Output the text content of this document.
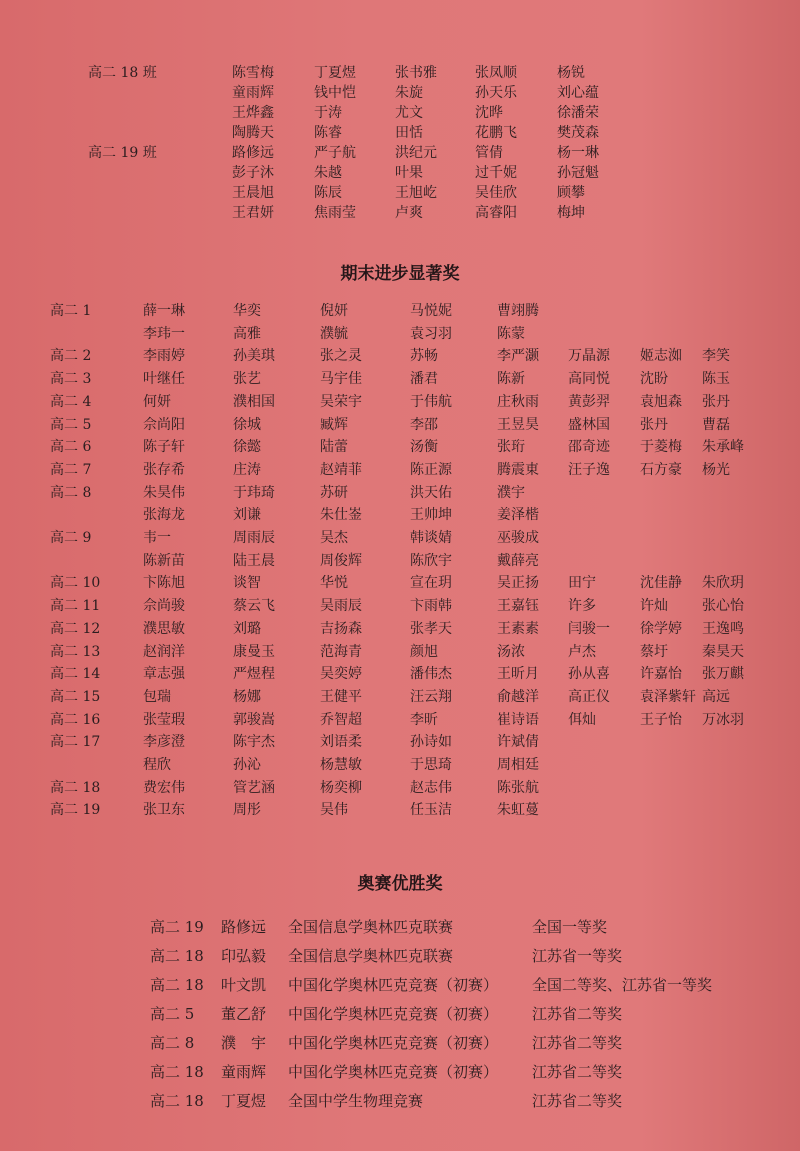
高二 18 班	陈雪梅	丁夏煜	张书雅	张凤顺	杨锐
童雨辉	钱中恺	朱旋	孙天乐	刘心蕴
王烨鑫	于涛	尤文	沈晔	徐潘荣
陶腾天	陈睿	田恬	花鹏飞	樊茂森
高二 19 班	路修远	严子航	洪纪元	管倩	杨一琳
彭子沐	朱越	叶果	过千妮	孙冠魁
王晨旭	陈辰	王旭屹	吴佳欣	顾攀
王君妍	焦雨莹	卢爽	高睿阳	梅坤
期末进步显著奖
高二 1	薛一琳	华奕	倪妍	马悦妮	曹翊腾
李玮一	高雅	濮毓	袁习羽	陈蒙
高二 2	李雨婷	孙美琪	张之灵	苏畅	李严灏 万晶源 姬志洳 李笑
高二 3	叶继任	张艺	马宇佳	潘君	陈新	高同悦 沈盼 陈玉
高二 4	何妍	濮相国	吴荣宇	于伟航	庄秋雨 黄彭羿 袁旭森 张丹
高二 5	佘尚阳	徐城	臧辉	李邵	王昱昊 盛林国 张丹 曹磊
高二 6	陈子轩	徐懿	陆蕾	汤衡	张珩	邵奇迹 于菱梅 朱承峰
高二 7	张存希	庄涛	赵靖菲	陈正源	腾震東 汪子逸 石方豪 杨光
高二 8	朱昊伟	于玮琦	苏研	洪天佑	濮宇
张海龙	刘谦	朱仕崟	王帅坤	姜泽楷
高二 9	韦一	周雨辰	吴杰	韩谈婧	巫骏成
陈新苗	陆王晨	周俊辉	陈欣宇	戴薛亮
高二 10	卞陈旭	谈智	华悦	宣在玥	吴正扬 田宁	沈佳静 朱欣玥
高二 11	佘尚骏	蔡云飞	吴雨辰	卞雨韩	王嘉钰 许多	许灿 张心怡
高二 12	濮思敏	刘璐	吉扬森	张孝天	王素素 闫骏一 徐学婷 王逸鸣
高二 13	赵润洋	康曼玉	范海青	颜旭	汤浓	卢杰	蔡圩 秦昊天
高二 14	章志强	严煜程	吴奕婷	潘伟杰	王昕月 孙从喜 许嘉怡 张万麒
高二 15	包瑞	杨娜	王健平	汪云翔	俞越洋 高正仪 袁泽紫轩 高远
高二 16	张莹瑕	郭骏嵩	乔智超	李昕	崔诗语 佴灿	王子怡 万冰羽
高二 17	李彦澄	陈宇杰	刘语柔	孙诗如	许斌倩
程欣	孙沁	杨慧敏	于思琦	周相廷
高二 18	费宏伟	管艺涵	杨奕柳	赵志伟	陈张航
高二 19	张卫东	周彤	吴伟	任玉洁	朱虹蔓
奥赛优胜奖
高二 19 路修远 全国信息学奥林匹克联赛	全国一等奖
高二 18 印弘毅 全国信息学奥林匹克联赛	江苏省一等奖
高二 18 叶文凯 中国化学奥林匹克竞赛（初赛） 全国二等奖、江苏省一等奖
高二 5 董乙舒 中国化学奥林匹克竞赛（初赛） 江苏省二等奖
高二 8 濮　宇 中国化学奥林匹克竞赛（初赛） 江苏省二等奖
高二 18 童雨辉 中国化学奥林匹克竞赛（初赛） 江苏省二等奖
高二 18 丁夏煜 全国中学生物理竞赛	江苏省二等奖
